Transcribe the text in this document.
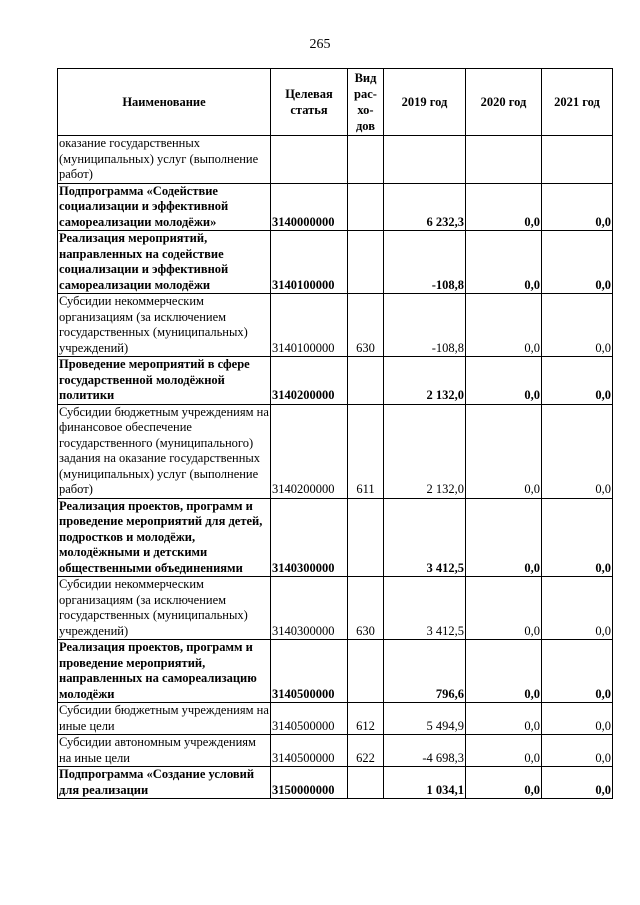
265
Наименование	Целевая статья	Вид рас-хо-дов	2019 год	2020 год	2021 год
оказание государственных (муниципальных) услуг (выполнение работ)					
Подпрограмма «Содействие социализации и эффективной самореализации молодёжи»	3140000000		6 232,3	0,0	0,0
Реализация мероприятий, направленных на содействие социализации и эффективной самореализации молодёжи	3140100000		-108,8	0,0	0,0
Субсидии некоммерческим организациям (за исключением государственных (муниципальных) учреждений)	3140100000	630	-108,8	0,0	0,0
Проведение мероприятий в сфере государственной молодёжной политики	3140200000		2 132,0	0,0	0,0
Субсидии бюджетным учреждениям на финансовое обеспечение государственного (муниципального) задания на оказание государственных (муниципальных) услуг (выполнение работ)	3140200000	611	2 132,0	0,0	0,0
Реализация проектов, программ и проведение мероприятий для детей, подростков и молодёжи, молодёжными и детскими общественными объединениями	3140300000		3 412,5	0,0	0,0
Субсидии некоммерческим организациям (за исключением государственных (муниципальных) учреждений)	3140300000	630	3 412,5	0,0	0,0
Реализация проектов, программ и проведение мероприятий, направленных на самореализацию молодёжи	3140500000		796,6	0,0	0,0
Субсидии бюджетным учреждениям на иные цели	3140500000	612	5 494,9	0,0	0,0
Субсидии автономным учреждениям на иные цели	3140500000	622	-4 698,3	0,0	0,0
Подпрограмма «Создание условий для реализации	3150000000		1 034,1	0,0	0,0
